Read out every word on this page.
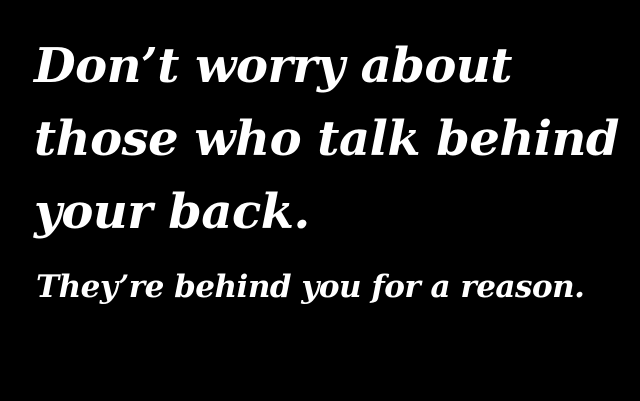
Don’t worry about

those who talk behind

your back.

They’re behind you for a reason.
